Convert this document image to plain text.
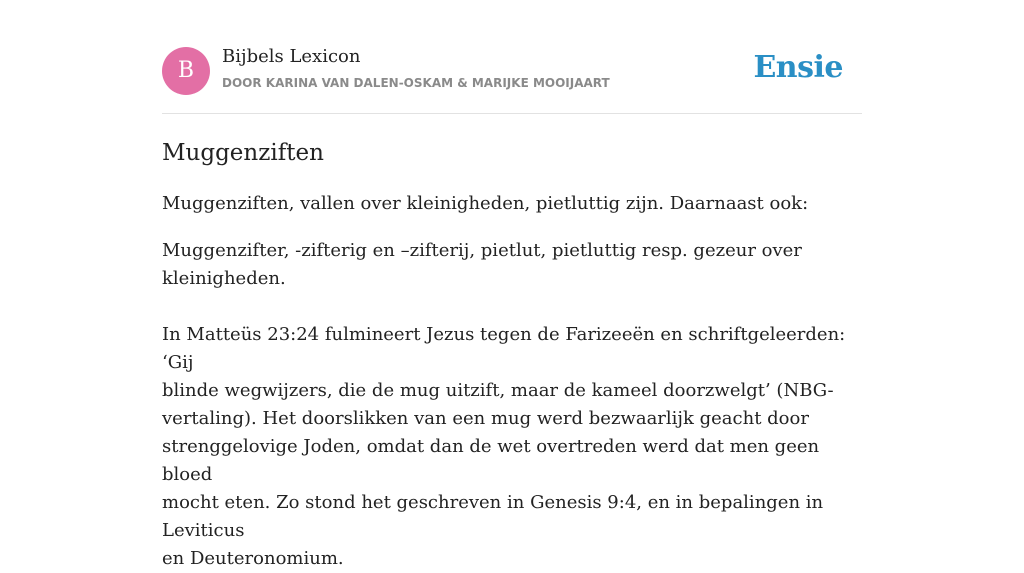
B
Bijbels Lexicon
DOOR KARINA VAN DALEN-OSKAM & MARIJKE MOOIJAART	Ensie
Muggenziften

Muggenziften, vallen over kleinigheden, pietluttig zijn. Daarnaast ook:

Muggenzifter, -zifterig en –zifterij, pietlut, pietluttig resp. gezeur over
kleinigheden.

In Matteüs 23:24 fulmineert Jezus tegen de Farizeeën en schriftgeleerden: ‘Gij
blinde wegwijzers, die de mug uitzift, maar de kameel doorzwelgt’ (NBG-
vertaling). Het doorslikken van een mug werd bezwaarlijk geacht door
strenggelovige Joden, omdat dan de wet overtreden werd dat men geen bloed
mocht eten. Zo stond het geschreven in Genesis 9:4, en in bepalingen in Leviticus
en Deuteronomium.
